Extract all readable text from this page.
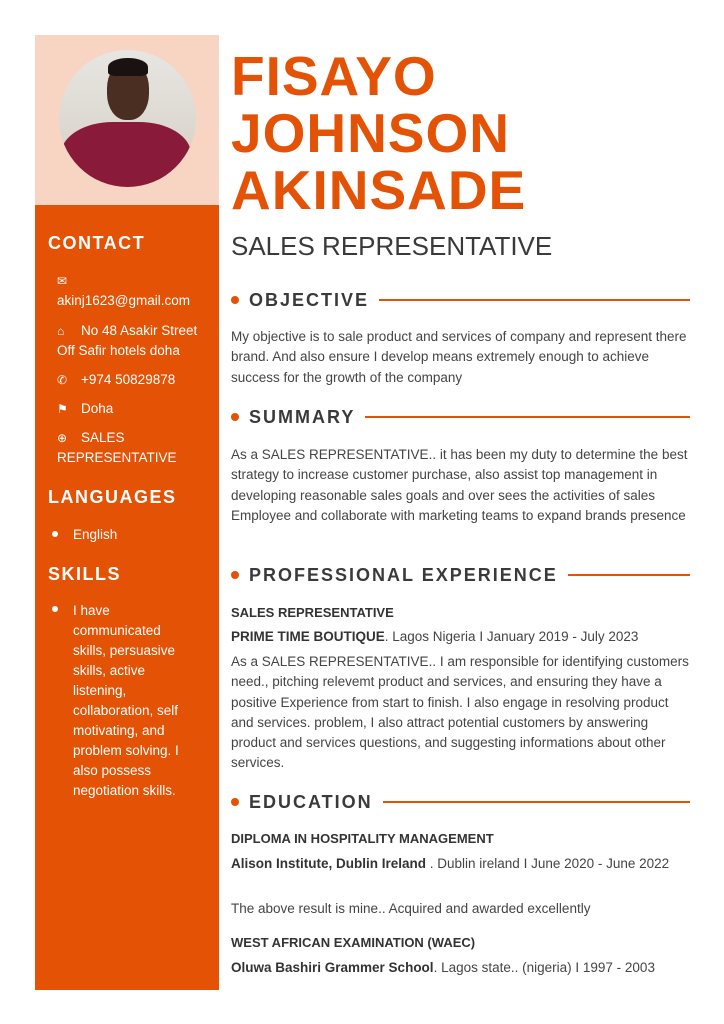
CONTACT
✉akinj1623@gmail.com
⌂ No 48 Asakir Street Off Safir hotels doha
✆ +974 50829878
⚑ Doha
⊕ SALES REPRESENTATIVE
LANGUAGES
English
SKILLS
I have communicated skills, persuasive skills, active listening, collaboration, self motivating, and problem solving. I also possess negotiation skills.
FISAYO
JOHNSON
AKINSADE
SALES REPRESENTATIVE
OBJECTIVE
My objective is to sale product and services of company and represent there brand. And also ensure I develop means extremely enough to achieve success for the growth of the company
SUMMARY
As a SALES REPRESENTATIVE.. it has been my duty to determine the best strategy to increase customer purchase, also assist top management in developing reasonable sales goals and over sees the activities of sales Employee and collaborate with marketing teams to expand brands presence
PROFESSIONAL EXPERIENCE
SALES REPRESENTATIVE
PRIME TIME BOUTIQUE. Lagos Nigeria I January 2019 - July 2023
As a SALES REPRESENTATIVE.. I am responsible for identifying customers need., pitching relevemt product and services, and ensuring they have a positive Experience from start to finish. I also engage in resolving product and services. problem, I also attract potential customers by answering product and services questions, and suggesting informations about other services.
EDUCATION
DIPLOMA IN HOSPITALITY MANAGEMENT
Alison Institute, Dublin Ireland . Dublin ireland I June 2020 - June 2022
The above result is mine.. Acquired and awarded excellently
WEST AFRICAN EXAMINATION (WAEC)
Oluwa Bashiri Grammer School. Lagos state.. (nigeria) I 1997 - 2003
